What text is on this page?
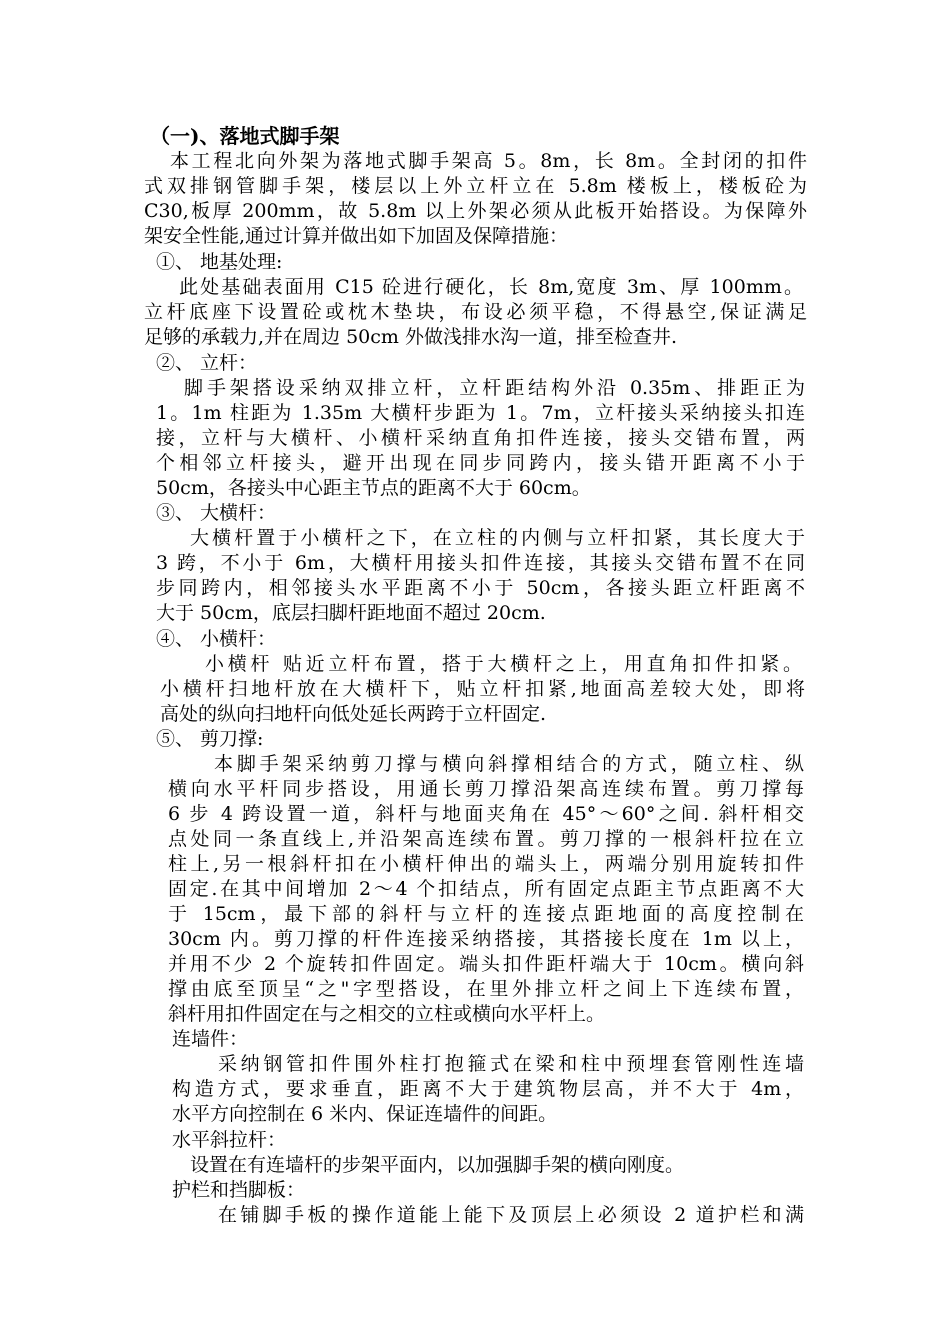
（一)、落地式脚手架
本工程北向外架为落地式脚手架高 5。8m，长 8m。全封闭的扣件
式双排钢管脚手架，楼层以上外立杆立在 5.8m 楼板上，楼板砼为
C30,板厚 200mm，故 5.8m 以上外架必须从此板开始搭设。为保障外
架安全性能,通过计算并做出如下加固及保障措施：
①、 地基处理:
此处基础表面用 C15 砼进行硬化，长 8m,宽度 3m、厚 100mm。
立杆底座下设置砼或枕木垫块，布设必须平稳，不得悬空,保证满足
足够的承载力,并在周边 50cm 外做浅排水沟一道，排至检查井.
②、 立杆：
脚手架搭设采纳双排立杆，立杆距结构外沿 0.35m、排距正为
1。1m 柱距为 1.35m 大横杆步距为 1。7m，立杆接头采纳接头扣连
接，立杆与大横杆、小横杆采纳直角扣件连接，接头交错布置，两
个相邻立杆接头，避开出现在同步同跨内，接头错开距离不小于
50cm，各接头中心距主节点的距离不大于 60cm。
③、 大横杆：
大横杆置于小横杆之下，在立柱的内侧与立杆扣紧，其长度大于
3 跨，不小于 6m，大横杆用接头扣件连接，其接头交错布置不在同
步同跨内，相邻接头水平距离不小于 50cm，各接头距立杆距离不
大于 50cm，底层扫脚杆距地面不超过 20cm.
④、 小横杆：
小横杆 贴近立杆布置，搭于大横杆之上，用直角扣件扣紧。
小横杆扫地杆放在大横杆下，贴立杆扣紧,地面高差较大处，即将
高处的纵向扫地杆向低处延长两跨于立杆固定.
⑤、 剪刀撑:
本脚手架采纳剪刀撑与横向斜撑相结合的方式，随立柱、纵
横向水平杆同步搭设，用通长剪刀撑沿架高连续布置。剪刀撑每
6 步 4 跨设置一道，斜杆与地面夹角在 45°～60°之间. 斜杆相交
点处同一条直线上,并沿架高连续布置。剪刀撑的一根斜杆拉在立
柱上,另一根斜杆扣在小横杆伸出的端头上，两端分别用旋转扣件
固定.在其中间增加 2～4 个扣结点，所有固定点距主节点距离不大
于 15cm，最下部的斜杆与立杆的连接点距地面的高度控制在
30cm 内。剪刀撑的杆件连接采纳搭接，其搭接长度在 1m 以上，
并用不少 2 个旋转扣件固定。端头扣件距杆端大于 10cm。横向斜
撑由底至顶呈“之"字型搭设，在里外排立杆之间上下连续布置，
斜杆用扣件固定在与之相交的立柱或横向水平杆上。
连墙件：
采纳钢管扣件围外柱打抱箍式在梁和柱中预埋套管刚性连墙
构造方式，要求垂直，距离不大于建筑物层高，并不大于 4m，
水平方向控制在 6 米内、保证连墙件的间距。
水平斜拉杆：
设置在有连墙杆的步架平面内，以加强脚手架的横向刚度。
护栏和挡脚板：
在铺脚手板的操作道能上能下及顶层上必须设 2 道护栏和满
